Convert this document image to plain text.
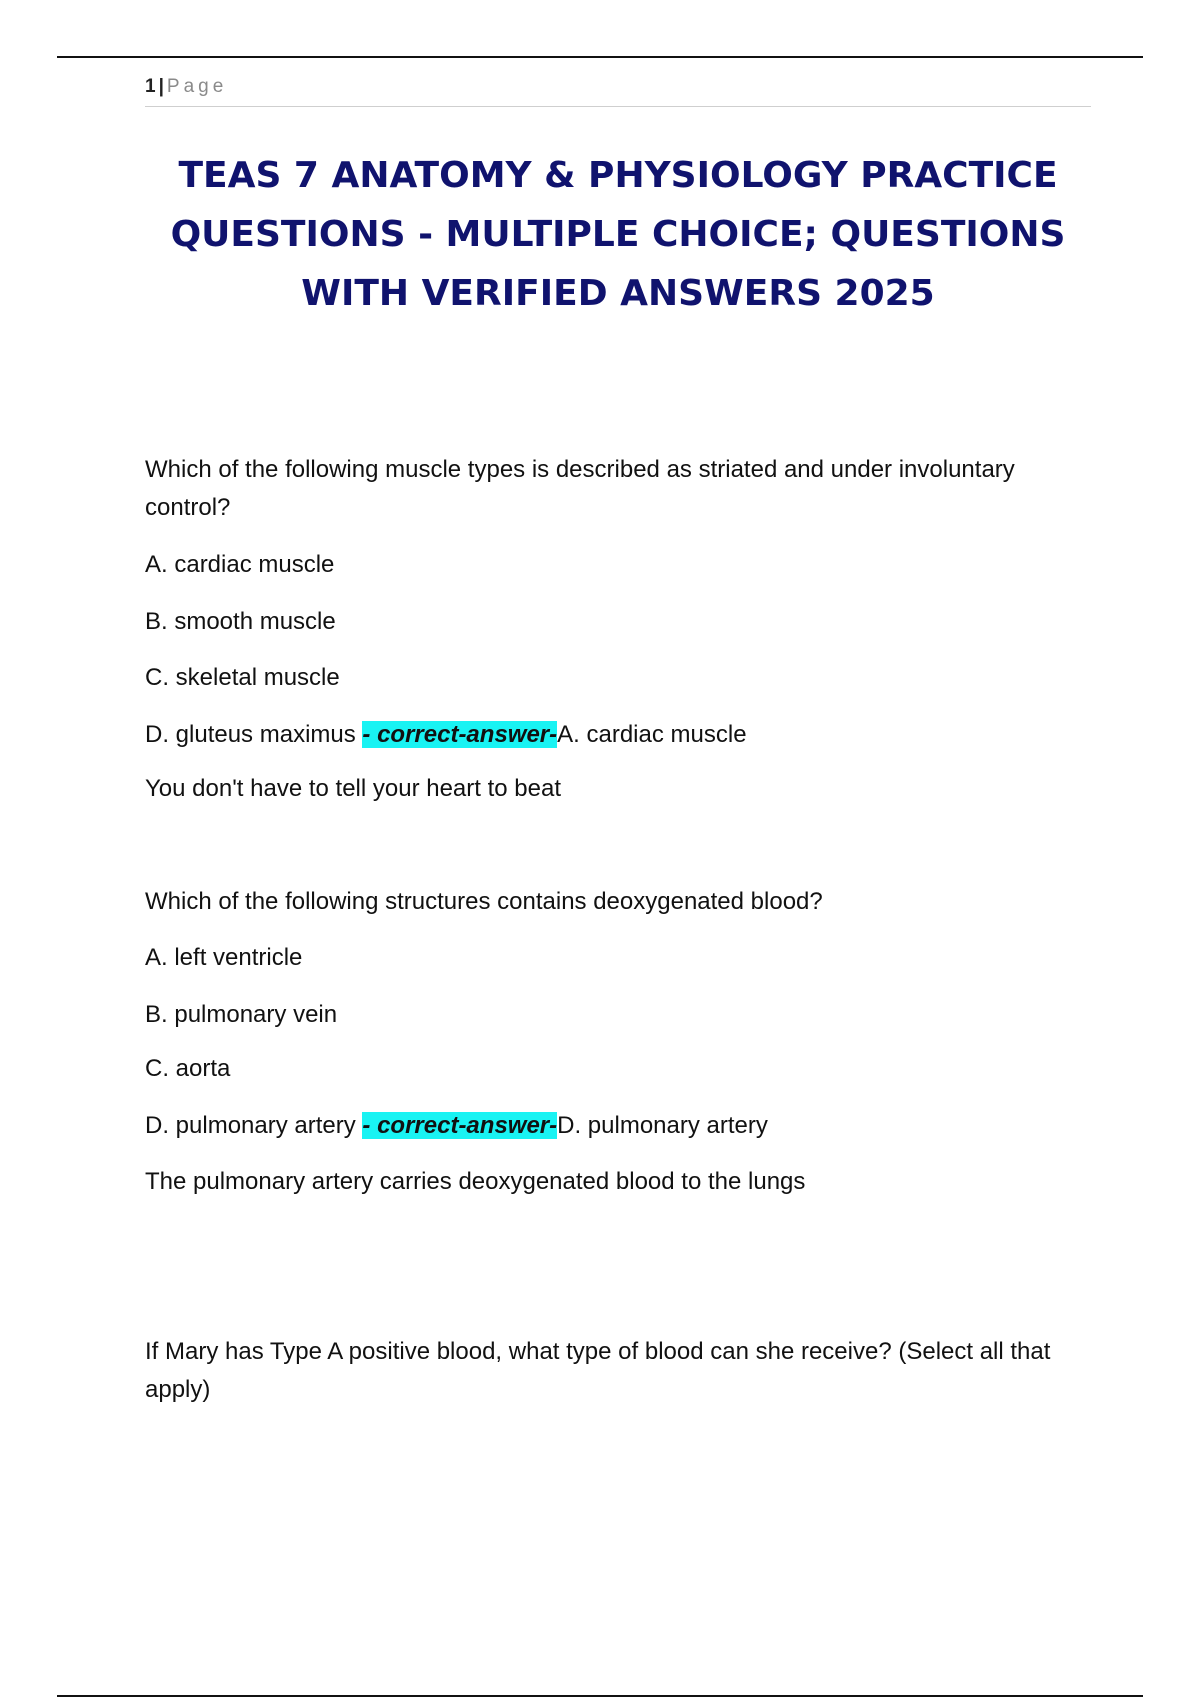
1 | Page
TEAS 7 ANATOMY & PHYSIOLOGY PRACTICE QUESTIONS - MULTIPLE CHOICE; QUESTIONS WITH VERIFIED ANSWERS 2025
Which of the following muscle types is described as striated and under involuntary control?
A. cardiac muscle
B. smooth muscle
C. skeletal muscle
D. gluteus maximus - correct-answer-A. cardiac muscle
You don't have to tell your heart to beat
Which of the following structures contains deoxygenated blood?
A. left ventricle
B. pulmonary vein
C. aorta
D. pulmonary artery - correct-answer-D. pulmonary artery
The pulmonary artery carries deoxygenated blood to the lungs
If Mary has Type A positive blood, what type of blood can she receive? (Select all that apply)
